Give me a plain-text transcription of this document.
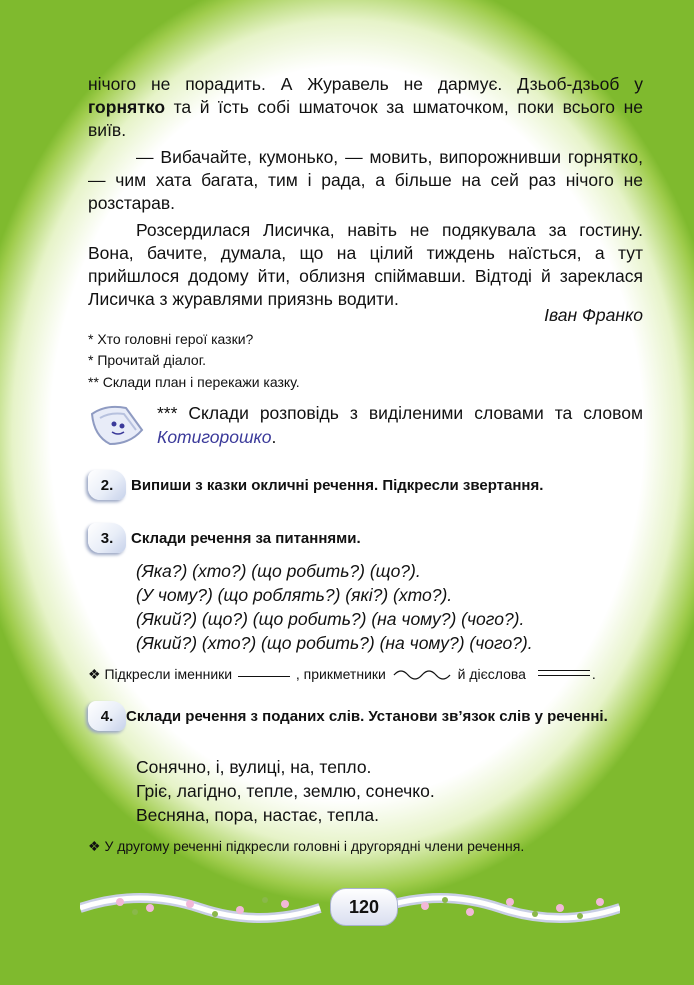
нічого не порадить. А Журавель не дармує. Дзьоб-дзьоб у горнятко та й їсть собі шматочок за шматочком, поки всього не виїв.

— Вибачайте, кумонько, — мовить, випорожнивши горнятко, — чим хата багата, тим і рада, а більше на сей раз нічого не розстарав.

Розсердилася Лисичка, навіть не подякувала за гостину. Вона, бачите, думала, що на цілий тиждень наїсться, а тут прийшлося додому йти, облизня спіймавши. Відтоді й зареклася Лисичка з журавлями приязнь водити.

Іван Франко
* Хто головні герої казки?
* Прочитай діалог.
** Склади план і перекажи казку.
*** Склади розповідь з виділеними словами та словом Котигорошко.
2.	Випиши з казки окличні речення. Підкресли звертання.
3.	Склади речення за питаннями.
(Яка?) (хто?) (що робить?) (що?).
(У чому?) (що роблять?) (які?) (хто?).
(Який?) (що?) (що робить?) (на чому?) (чого?).
(Який?) (хто?) (що робить?) (на чому?) (чого?).
❖ Підкресли іменники	, прикметники	й дієслова	.
4. Склади речення з поданих слів. Установи зв’язок слів у реченні.
Сонячно, і, вулиці, на, тепло.
Гріє, лагідно, тепле, землю, сонечко.
Весняна, пора, настає, тепла.
❖ У другому реченні підкресли головні і другорядні члени речення.
120
